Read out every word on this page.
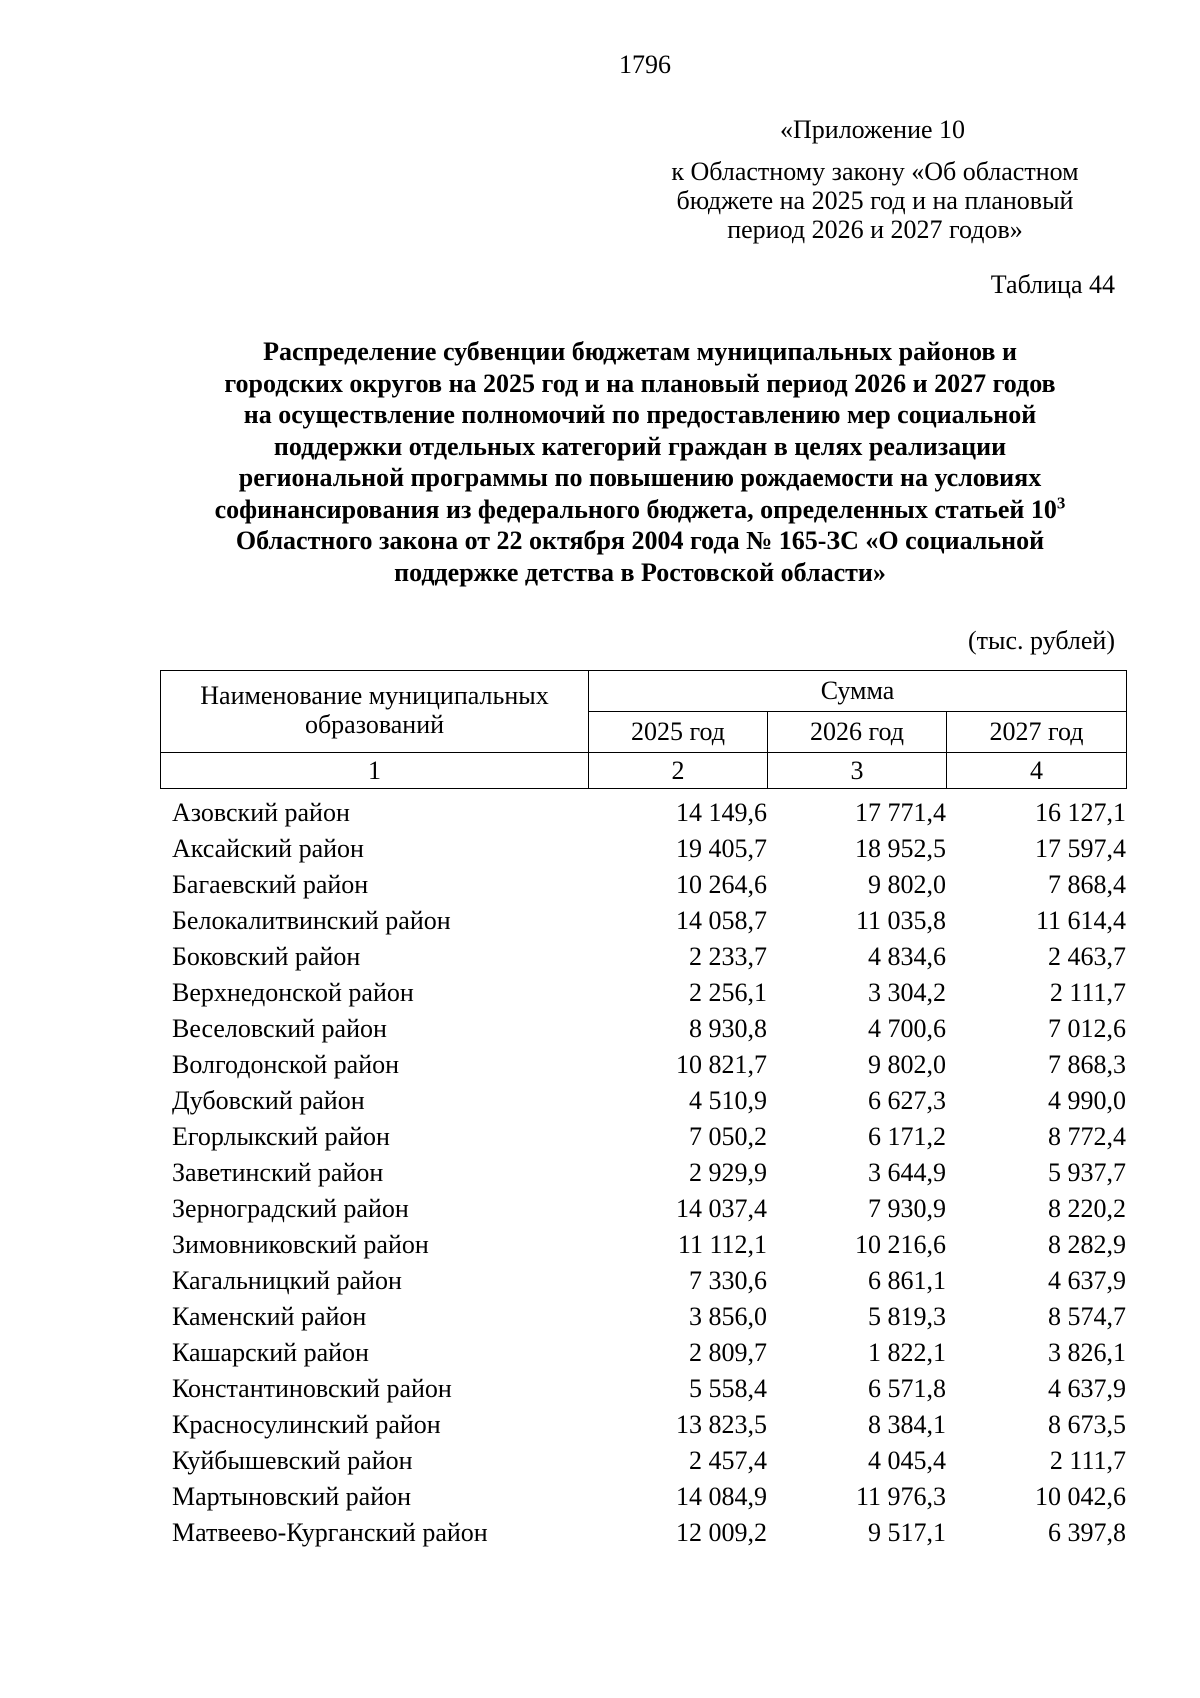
1796
«Приложение 10
к Областному закону «Об областном
бюджете на 2025 год и на плановый
период 2026 и 2027 годов»
Таблица 44
Распределение субвенции бюджетам муниципальных районов и
городских округов на 2025 год и на плановый период 2026 и 2027 годов
на осуществление полномочий по предоставлению мер социальной
поддержки отдельных категорий граждан в целях реализации
региональной программы по повышению рождаемости на условиях
софинансирования из федерального бюджета, определенных статьей $10^3$
Областного закона от 22 октября 2004 года № 165-ЗС «О социальной
поддержке детства в Ростовской области»
(тыс. рублей)
Наименование муниципальных
образований	Сумма		
	2025 год	2026 год	2027 год
1	2	3	4
Азовский район	14 149,6	17 771,4	16 127,1
Аксайский район	19 405,7	18 952,5	17 597,4
Багаевский район	10 264,6	9 802,0	7 868,4
Белокалитвинский район	14 058,7	11 035,8	11 614,4
Боковский район	2 233,7	4 834,6	2 463,7
Верхнедонской район	2 256,1	3 304,2	2 111,7
Веселовский район	8 930,8	4 700,6	7 012,6
Волгодонской район	10 821,7	9 802,0	7 868,3
Дубовский район	4 510,9	6 627,3	4 990,0
Егорлыкский район	7 050,2	6 171,2	8 772,4
Заветинский район	2 929,9	3 644,9	5 937,7
Зерноградский район	14 037,4	7 930,9	8 220,2
Зимовниковский район	11 112,1	10 216,6	8 282,9
Кагальницкий район	7 330,6	6 861,1	4 637,9
Каменский район	3 856,0	5 819,3	8 574,7
Кашарский район	2 809,7	1 822,1	3 826,1
Константиновский район	5 558,4	6 571,8	4 637,9
Красносулинский район	13 823,5	8 384,1	8 673,5
Куйбышевский район	2 457,4	4 045,4	2 111,7
Мартыновский район	14 084,9	11 976,3	10 042,6
Матвеево-Курганский район	12 009,2	9 517,1	6 397,8
